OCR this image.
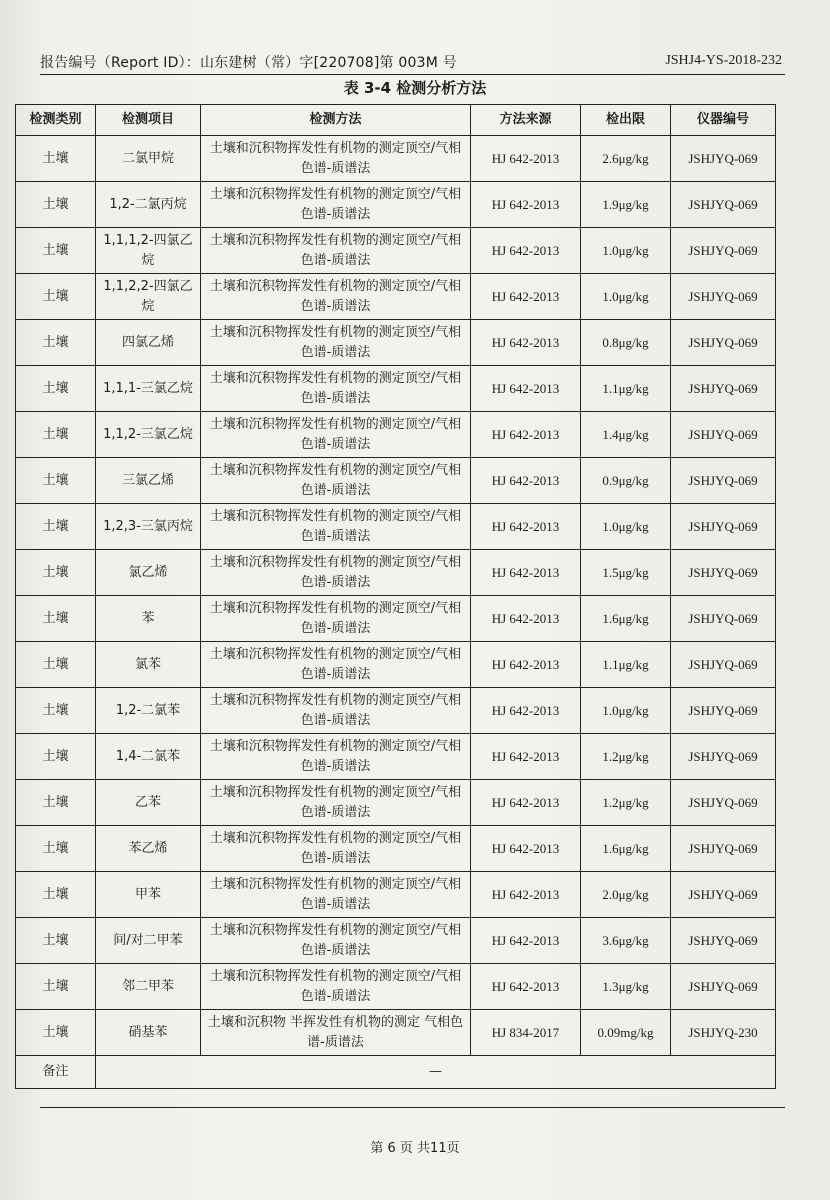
报告编号（Report ID）：山东建树（常）字[220708]第 003M 号	JSHJ4-YS-2018-232
表 3-4 检测分析方法
检测类别	检测项目	检测方法	方法来源	检出限	仪器编号
土壤	二氯甲烷	土壤和沉积物挥发性有机物的测定顶空/气相色谱-质谱法	HJ 642-2013	2.6μg/kg	JSHJYQ-069
土壤	1,2-二氯丙烷	土壤和沉积物挥发性有机物的测定顶空/气相色谱-质谱法	HJ 642-2013	1.9μg/kg	JSHJYQ-069
土壤	1,1,1,2-四氯乙烷	土壤和沉积物挥发性有机物的测定顶空/气相色谱-质谱法	HJ 642-2013	1.0μg/kg	JSHJYQ-069
土壤	1,1,2,2-四氯乙烷	土壤和沉积物挥发性有机物的测定顶空/气相色谱-质谱法	HJ 642-2013	1.0μg/kg	JSHJYQ-069
土壤	四氯乙烯	土壤和沉积物挥发性有机物的测定顶空/气相色谱-质谱法	HJ 642-2013	0.8μg/kg	JSHJYQ-069
土壤	1,1,1-三氯乙烷	土壤和沉积物挥发性有机物的测定顶空/气相色谱-质谱法	HJ 642-2013	1.1μg/kg	JSHJYQ-069
土壤	1,1,2-三氯乙烷	土壤和沉积物挥发性有机物的测定顶空/气相色谱-质谱法	HJ 642-2013	1.4μg/kg	JSHJYQ-069
土壤	三氯乙烯	土壤和沉积物挥发性有机物的测定顶空/气相色谱-质谱法	HJ 642-2013	0.9μg/kg	JSHJYQ-069
土壤	1,2,3-三氯丙烷	土壤和沉积物挥发性有机物的测定顶空/气相色谱-质谱法	HJ 642-2013	1.0μg/kg	JSHJYQ-069
土壤	氯乙烯	土壤和沉积物挥发性有机物的测定顶空/气相色谱-质谱法	HJ 642-2013	1.5μg/kg	JSHJYQ-069
土壤	苯	土壤和沉积物挥发性有机物的测定顶空/气相色谱-质谱法	HJ 642-2013	1.6μg/kg	JSHJYQ-069
土壤	氯苯	土壤和沉积物挥发性有机物的测定顶空/气相色谱-质谱法	HJ 642-2013	1.1μg/kg	JSHJYQ-069
土壤	1,2-二氯苯	土壤和沉积物挥发性有机物的测定顶空/气相色谱-质谱法	HJ 642-2013	1.0μg/kg	JSHJYQ-069
土壤	1,4-二氯苯	土壤和沉积物挥发性有机物的测定顶空/气相色谱-质谱法	HJ 642-2013	1.2μg/kg	JSHJYQ-069
土壤	乙苯	土壤和沉积物挥发性有机物的测定顶空/气相色谱-质谱法	HJ 642-2013	1.2μg/kg	JSHJYQ-069
土壤	苯乙烯	土壤和沉积物挥发性有机物的测定顶空/气相色谱-质谱法	HJ 642-2013	1.6μg/kg	JSHJYQ-069
土壤	甲苯	土壤和沉积物挥发性有机物的测定顶空/气相色谱-质谱法	HJ 642-2013	2.0μg/kg	JSHJYQ-069
土壤	间/对二甲苯	土壤和沉积物挥发性有机物的测定顶空/气相色谱-质谱法	HJ 642-2013	3.6μg/kg	JSHJYQ-069
土壤	邻二甲苯	土壤和沉积物挥发性有机物的测定顶空/气相色谱-质谱法	HJ 642-2013	1.3μg/kg	JSHJYQ-069
土壤	硝基苯	土壤和沉积物 半挥发性有机物的测定 气相色谱-质谱法	HJ 834-2017	0.09mg/kg	JSHJYQ-230
备注	—				
第 6 页 共11页
